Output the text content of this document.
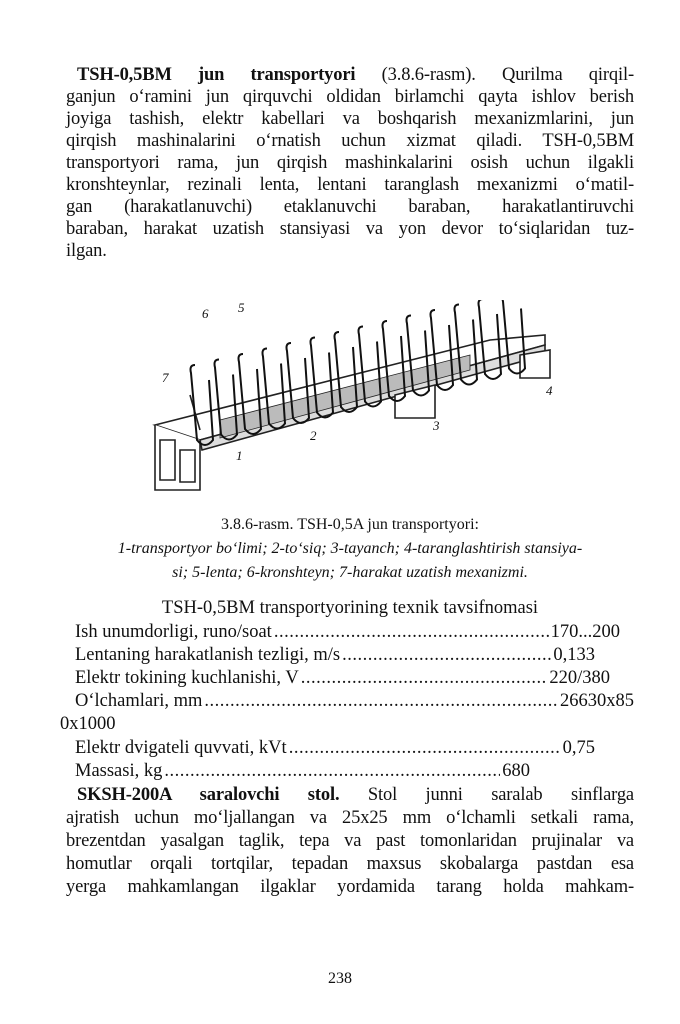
TSH-0,5BM jun transportyori (3.8.6-rasm). Qurilma qirqil-
ganjun o‘ramini jun qirquvchi oldidan birlamchi qayta ishlov berish
joyiga tashish, elektr kabellari va boshqarish mexanizmlarini, jun
qirqish mashinalarini o‘rnatish uchun xizmat qiladi. TSH-0,5BM
transportyori rama, jun qirqish mashinkalarini osish uchun ilgakli
kronshteynlar, rezinali lenta, lentani taranglash mexanizmi o‘matil-
gan (harakatlanuvchi) etaklanuvchi baraban, harakatlantiruvchi
baraban, harakat uzatish stansiyasi va yon devor to‘siqlaridan tuz-
ilgan.
6 5
7
1
2
3
4
3.8.6-rasm. TSH-0,5A jun transportyori:
1-transportyor bo‘limi; 2-to‘siq; 3-tayanch; 4-taranglashtirish stansiya-
si; 5-lenta; 6-kronshteyn; 7-harakat uzatish mexanizmi.
TSH-0,5BM transportyorining texnik tavsifnomasi
Ish unumdorligi, runo/soat .....	170...200
Lentaning harakatlanish tezligi, m/s .....	0,133
Elektr tokining kuchlanishi, V .....	220/380
O‘lchamlari, mm .....	26630x85
0x1000
Elektr dvigateli quvvati, kVt .....	0,75
Massasi, kg .....	680
SKSH-200A saralovchi stol. Stol junni saralab sinflarga
ajratish uchun mo‘ljallangan va 25x25 mm o‘lchamli setkali rama,
brezentdan yasalgan taglik, tepa va past tomonlaridan prujinalar va
homutlar orqali tortqilar, tepadan maxsus skobalarga pastdan esa
yerga mahkamlangan ilgaklar yordamida tarang holda mahkam-
238
